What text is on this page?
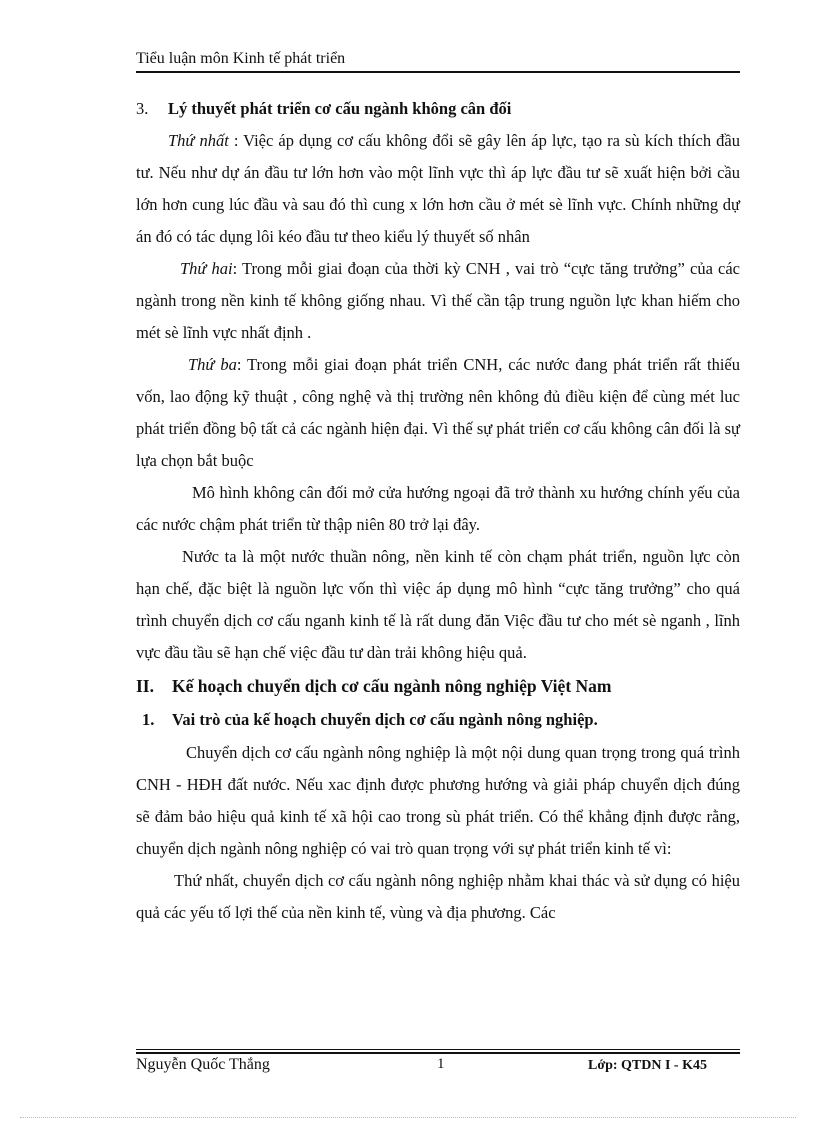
Tiểu luận môn Kinh tế phát triển

3. Lý thuyết phát triển cơ cấu ngành không cân đối

Thứ nhất : Việc áp dụng cơ cấu không đổi sẽ gây lên áp lực, tạo ra sù kích thích đầu tư. Nếu như dự án đầu tư lớn hơn vào một lĩnh vực thì áp lực đầu tư sẽ xuất hiện bởi cầu lớn hơn cung lúc đầu và sau đó thì cung x lớn hơn cầu ở mét sè lĩnh vực. Chính những dự án đó có tác dụng lôi kéo đầu tư theo kiểu lý thuyết số nhân

Thứ hai: Trong mỗi giai đoạn của thời kỳ CNH , vai trò “cực tăng trưởng” của các ngành trong nền kinh tế không giống nhau. Vì thế cần tập trung nguồn lực khan hiếm cho mét sè lĩnh vực nhất định .

Thứ ba: Trong mỗi giai đoạn phát triển CNH, các nước đang phát triển rất thiếu vốn, lao động kỹ thuật , công nghệ và thị trường nên không đủ điều kiện để cùng mét luc phát triển đồng bộ tất cả các ngành hiện đại. Vì thế sự phát triển cơ cấu không cân đối là sự lựa chọn bắt buộc

Mô hình không cân đối mở cửa hướng ngoại đã trở thành xu hướng chính yếu của các nước chậm phát triển từ thập niên 80 trở lại đây.

Nước ta là một nước thuần nông, nền kinh tế còn chạm phát triển, nguồn lực còn hạn chế, đặc biệt là nguồn lực vốn thì việc áp dụng mô hình “cực tăng trưởng” cho quá trình chuyển dịch cơ cấu nganh kinh tế là rất dung đăn Việc đầu tư cho mét sè nganh , lĩnh vực đầu tầu sẽ hạn chế việc đầu tư dàn trải không hiệu quả.

II. Kế hoạch chuyển dịch cơ cấu ngành nông nghiệp Việt Nam

1. Vai trò của kế hoạch chuyển dịch cơ cấu ngành nông nghiệp.

Chuyển dịch cơ cấu ngành nông nghiệp là một nội dung quan trọng trong quá trình CNH - HĐH đất nước. Nếu xac định được phương hướng và giải pháp chuyển dịch đúng sẽ đảm bảo hiệu quả kinh tế xã hội cao trong sù phát triển. Có thể khẳng định được rằng, chuyển dịch ngành nông nghiệp có vai trò quan trọng với sự phát triển kinh tế vì:

Thứ nhất, chuyển dịch cơ cấu ngành nông nghiệp nhằm khai thác và sử dụng có hiệu quả các yếu tố lợi thế của nền kinh tế, vùng và địa phương. Các

Nguyễn Quốc Thắng	1	Lớp: QTDN I - K45
